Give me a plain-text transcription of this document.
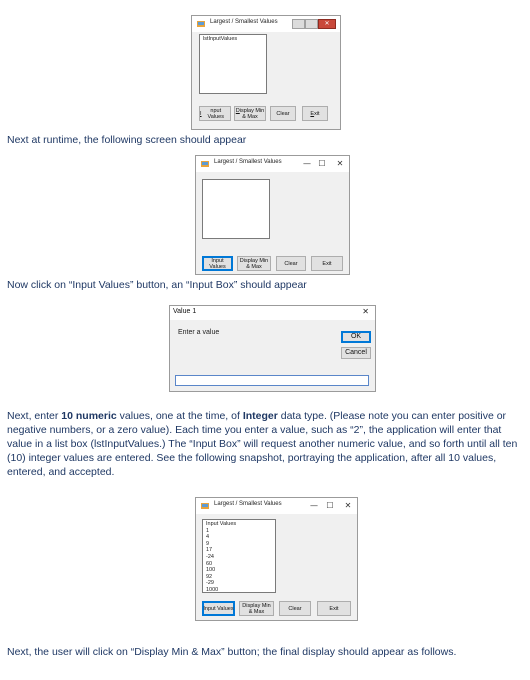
Largest / Smallest Values	✕
lstInputValues
I	nput Values
Display Min & Max	Clear	E xit
Next at runtime, the following screen should appear
Largest / Smallest Values	— ☐	✕
Input Values
Display Min & Max	Clear	Exit
Now click on “Input Values” button, an “Input Box” should appear
Value 1	✕
Enter a value
OK
Cancel
Next, enter 10 numeric values, one at the time, of Integer data type. (Please note you can enter positive or negative numbers, or a zero value). Each time you enter a value, such as “2”, the application will enter that value in a list box (lstInputValues.) The “Input Box” will request another numeric value, and so forth until all ten (10) integer values are entered. See the following snapshot, portraying the application, after all 10 values, entered, and accepted.
Largest / Smallest Values	—	☐	✕
Input Values
1
4
9
17
-24
60
100
92
-29
1000
Input Values	Display Min & Max	Clear	Exit
Next, the user will click on “Display Min & Max” button; the final display should appear as follows.
